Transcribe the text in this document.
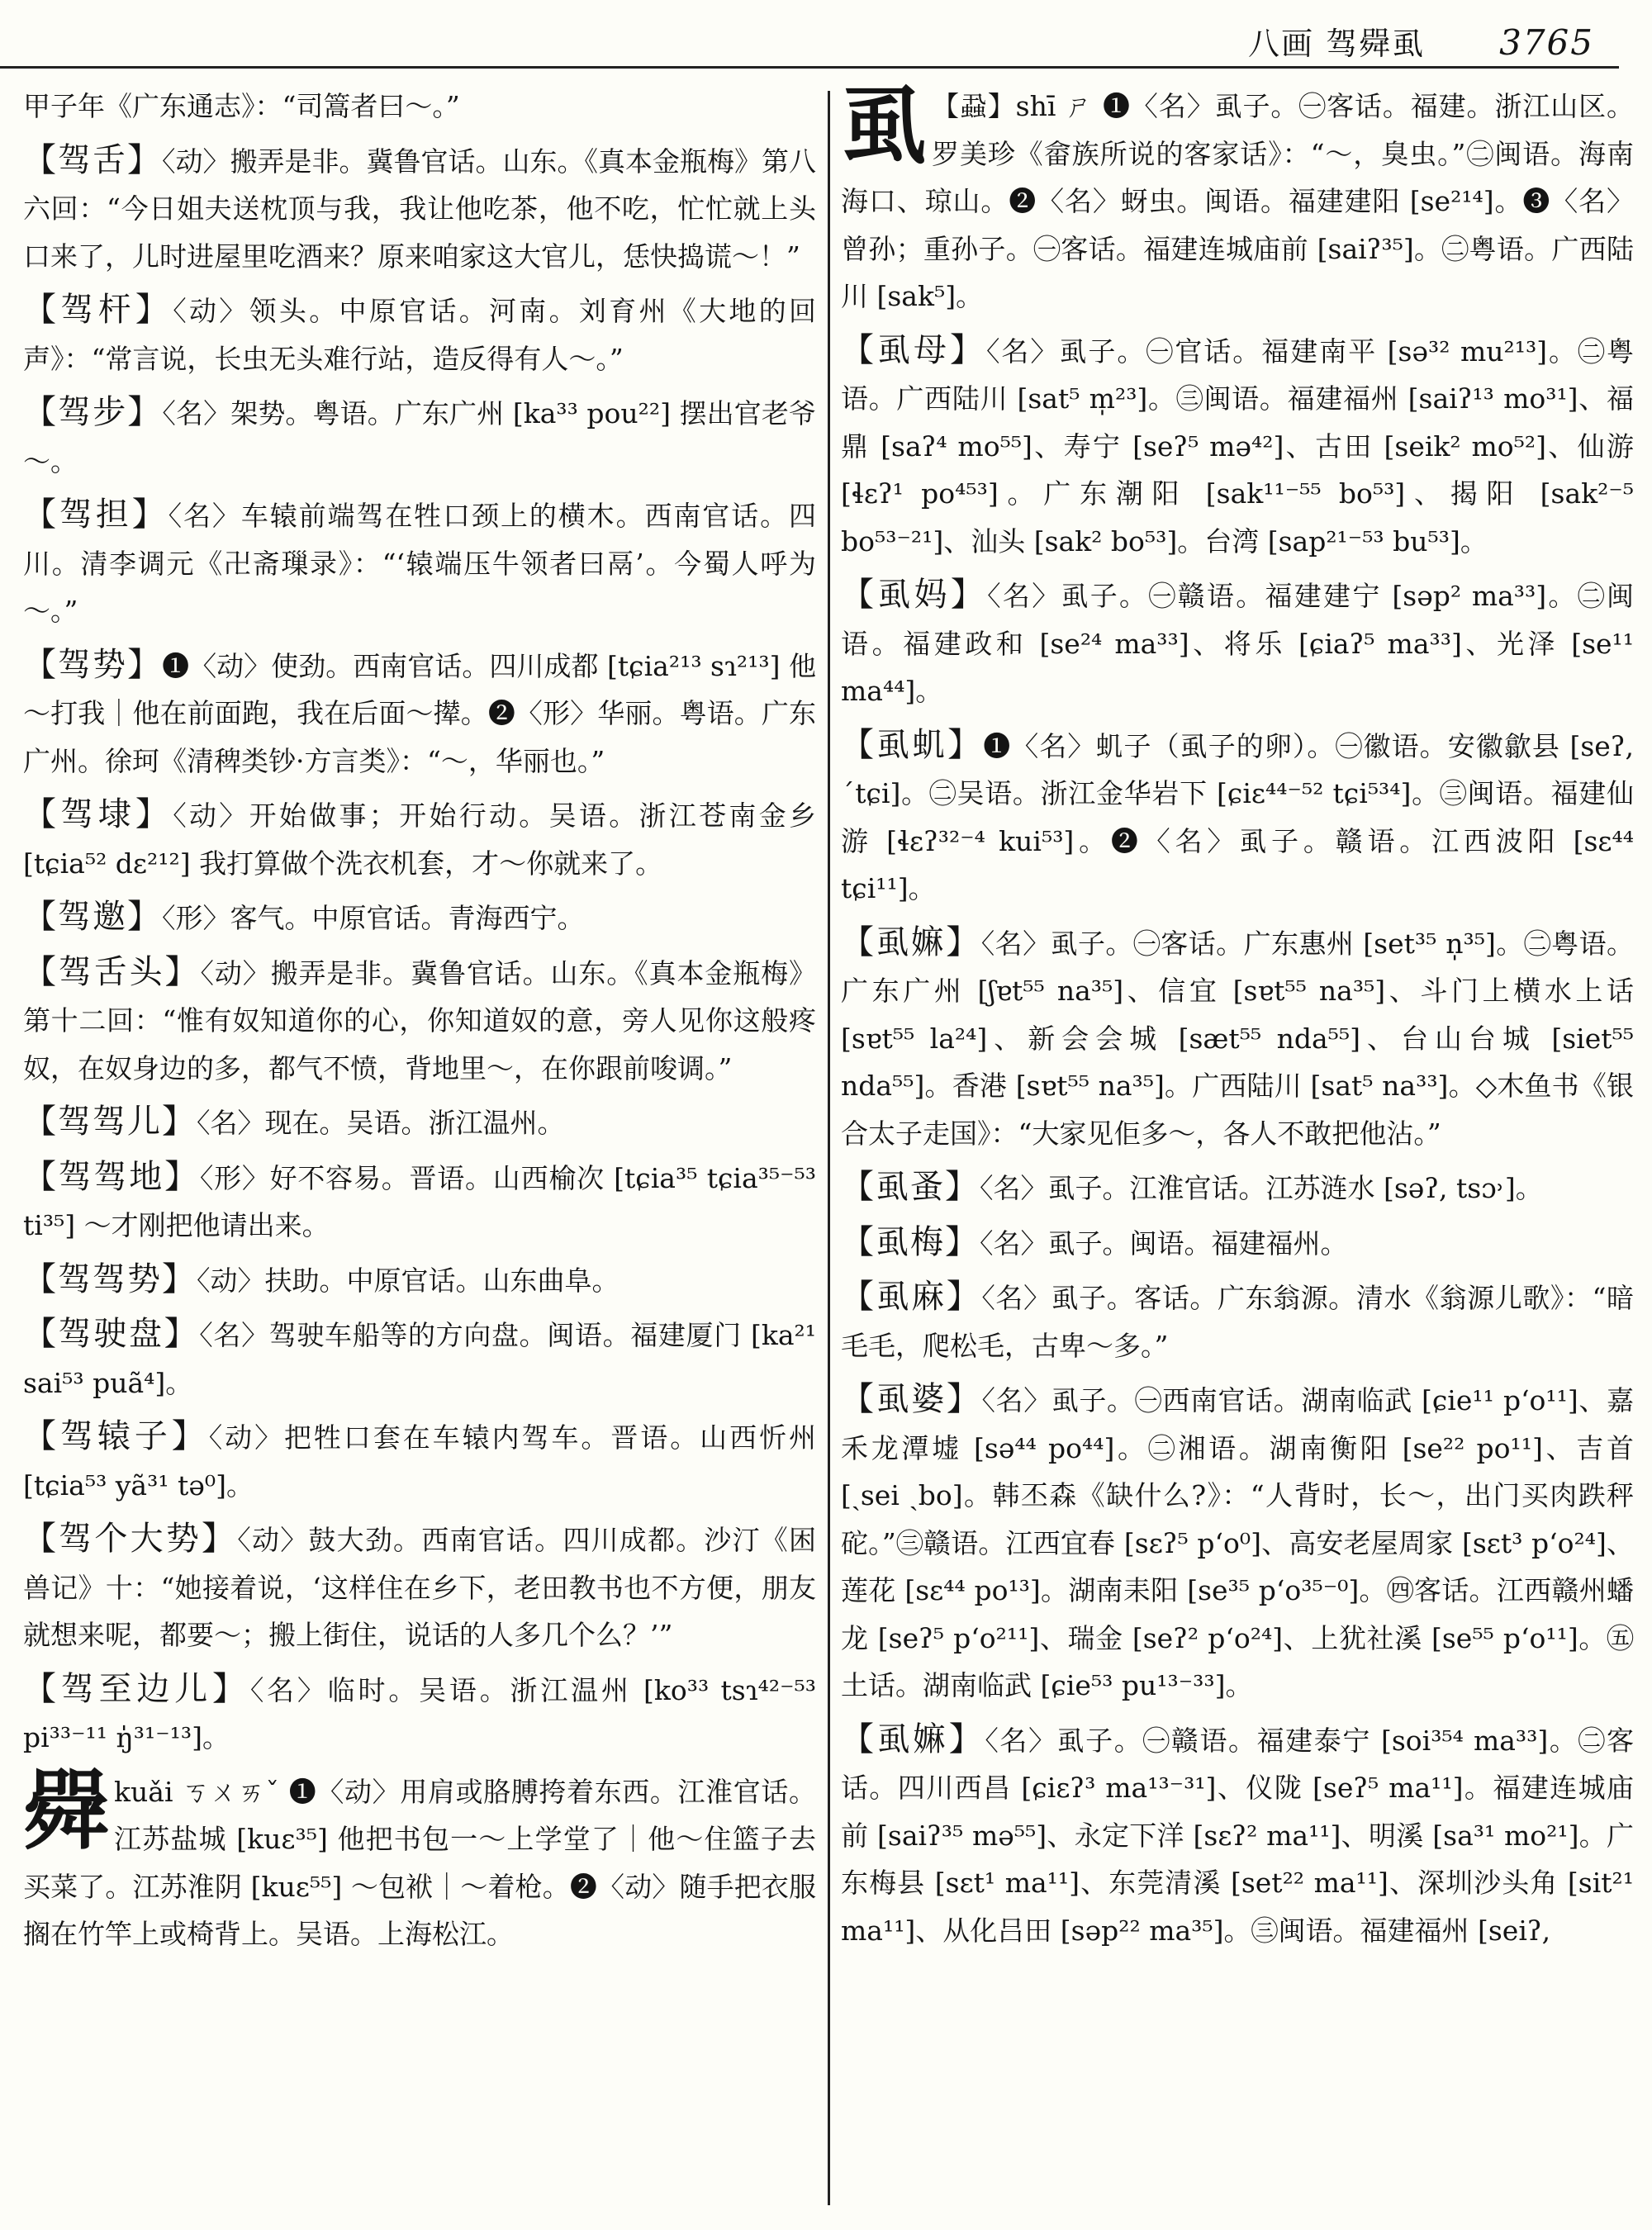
八画 驾䑝虱 3765
甲子年《广东通志》：“司篙者曰～。”
【驾舌】〈动〉搬弄是非。冀鲁官话。山东。《真本金瓶梅》第八六回：“今日姐夫送枕顶与我，我让他吃茶，他不吃，忙忙就上头口来了，儿时进屋里吃酒来？原来咱家这大官儿，恁快捣谎～！”
【驾杆】〈动〉领头。中原官话。河南。刘育州《大地的回声》：“常言说，长虫无头难行站，造反得有人～。”
【驾步】〈名〉架势。粤语。广东广州 [ka³³ pou²²] 摆出官老爷～。
【驾担】〈名〉车辕前端驾在牲口颈上的横木。西南官话。四川。清李调元《卍斋璅录》：“‘辕端压牛领者曰鬲’。今蜀人呼为～。”
【驾势】❶〈动〉使劲。西南官话。四川成都 [tɕia²¹³ sɿ²¹³] 他～打我｜他在前面跑，我在后面～撵。❷〈形〉华丽。粤语。广东广州。徐珂《清稗类钞·方言类》：“～，华丽也。”
【驾埭】〈动〉开始做事；开始行动。吴语。浙江苍南金乡 [tɕia⁵² dɛ²¹²] 我打算做个洗衣机套，才～你就来了。
【驾邀】〈形〉客气。中原官话。青海西宁。
【驾舌头】〈动〉搬弄是非。冀鲁官话。山东。《真本金瓶梅》第十二回：“惟有奴知道你的心，你知道奴的意，旁人见你这般疼奴，在奴身边的多，都气不愤，背地里～，在你跟前唆调。”
【驾驾儿】〈名〉现在。吴语。浙江温州。
【驾驾地】〈形〉好不容易。晋语。山西榆次 [tɕia³⁵ tɕia³⁵⁻⁵³ ti³⁵] ～才刚把他请出来。
【驾驾势】〈动〉扶助。中原官话。山东曲阜。
【驾驶盘】〈名〉驾驶车船等的方向盘。闽语。福建厦门 [ka²¹ sai⁵³ puã⁴]。
【驾辕子】〈动〉把牲口套在车辕内驾车。晋语。山西忻州 [tɕia⁵³ yã³¹ tə⁰]。
【驾个大势】〈动〉鼓大劲。西南官话。四川成都。沙汀《困兽记》十：“她接着说，‘这样住在乡下，老田教书也不方便，朋友就想来呢，都要～；搬上街住，说话的人多几个么？’”
【驾至边儿】〈名〉临时。吴语。浙江温州 [ko³³ tsɿ⁴²⁻⁵³ pi³³⁻¹¹ ŋ̍³¹⁻¹³]。
䑝kuǎi ㄎㄨㄞˇ ❶〈动〉用肩或胳膊挎着东西。江淮官话。江苏盐城 [kuɛ³⁵] 他把书包一～上学堂了｜他～住篮子去买菜了。江苏淮阴 [kuɛ⁵⁵] ～包袱｜～着枪。❷〈动〉随手把衣服搁在竹竿上或椅背上。吴语。上海松江。
虱 【蝨】shī ㄕ ❶〈名〉虱子。㊀客话。福建。浙江山区。罗美珍《畲族所说的客家话》：“～，臭虫。”㊁闽语。海南海口、琼山。❷〈名〉蚜虫。闽语。福建建阳 [se²¹⁴]。❸〈名〉曾孙；重孙子。㊀客话。福建连城庙前 [saiʔ³⁵]。㊁粤语。广西陆川 [sak⁵]。
【虱母】〈名〉虱子。㊀官话。福建南平 [sə³² mu²¹³]。㊁粤语。广西陆川 [sat⁵ m̩²³]。㊂闽语。福建福州 [saiʔ¹³ mo³¹]、福鼎 [saʔ⁴ mo⁵⁵]、寿宁 [seʔ⁵ mə⁴²]、古田 [seik² mo⁵²]、仙游 [ɬɛʔ¹ po⁴⁵³]。广东潮阳 [sak¹¹⁻⁵⁵ bo⁵³]、揭阳 [sak²⁻⁵ bo⁵³⁻²¹]、汕头 [sak² bo⁵³]。台湾 [sap²¹⁻⁵³ bu⁵³]。
【虱妈】〈名〉虱子。㊀赣语。福建建宁 [səp² ma³³]。㊁闽语。福建政和 [se²⁴ ma³³]、将乐 [ɕiaʔ⁵ ma³³]、光泽 [se¹¹ ma⁴⁴]。
【虱虮】❶〈名〉虮子（虱子的卵）。㊀徽语。安徽歙县 [seʔ, ˊtɕi]。㊁吴语。浙江金华岩下 [ɕiɛ⁴⁴⁻⁵² tɕi⁵³⁴]。㊂闽语。福建仙游 [ɬɛʔ³²⁻⁴ kui⁵³]。❷〈名〉虱子。赣语。江西波阳 [sɛ⁴⁴ tɕi¹¹]。
【虱嫲】〈名〉虱子。㊀客话。广东惠州 [set³⁵ n̩³⁵]。㊁粤语。广东广州 [ʃɐt⁵⁵ na³⁵]、信宜 [sɐt⁵⁵ na³⁵]、斗门上横水上话 [sɐt⁵⁵ la²⁴]、新会会城 [sæt⁵⁵ nda⁵⁵]、台山台城 [siet⁵⁵ nda⁵⁵]。香港 [sɐt⁵⁵ na³⁵]。广西陆川 [sat⁵ na³³]。◇木鱼书《银合太子走国》：“大家见佢多～，各人不敢把他沾。”
【虱蚤】〈名〉虱子。江淮官话。江苏涟水 [səʔ, tsɔ˒]。
【虱梅】〈名〉虱子。闽语。福建福州。
【虱麻】〈名〉虱子。客话。广东翁源。清水《翁源儿歌》：“暗毛毛，爬松毛，古卑～多。”
【虱婆】〈名〉虱子。㊀西南官话。湖南临武 [ɕie¹¹ pʻo¹¹]、嘉禾龙潭墟 [sə⁴⁴ po⁴⁴]。㊁湘语。湖南衡阳 [se²² po¹¹]、吉首 [ˏsei ˏbo]。韩丕森《缺什么?》：“人背时，长～，出门买肉跌秤砣。”㊂赣语。江西宜春 [sɛʔ⁵ pʻo⁰]、高安老屋周家 [sɛt³ pʻo²⁴]、莲花 [sɛ⁴⁴ po¹³]。湖南耒阳 [se³⁵ pʻo³⁵⁻⁰]。㊃客话。江西赣州蟠龙 [seʔ⁵ pʻo²¹¹]、瑞金 [seʔ² pʻo²⁴]、上犹社溪 [se⁵⁵ pʻo¹¹]。㊄土话。湖南临武 [ɕie⁵³ pu¹³⁻³³]。
【虱嫲】〈名〉虱子。㊀赣语。福建泰宁 [soi³⁵⁴ ma³³]。㊁客话。四川西昌 [ɕiɛʔ³ ma¹³⁻³¹]、仪陇 [seʔ⁵ ma¹¹]。福建连城庙前 [saiʔ³⁵ mə⁵⁵]、永定下洋 [sɛʔ² ma¹¹]、明溪 [sa³¹ mo²¹]。广东梅县 [sɛt¹ ma¹¹]、东莞清溪 [set²² ma¹¹]、深圳沙头角 [sit²¹ ma¹¹]、从化吕田 [səp²² ma³⁵]。㊂闽语。福建福州 [seiʔ,
